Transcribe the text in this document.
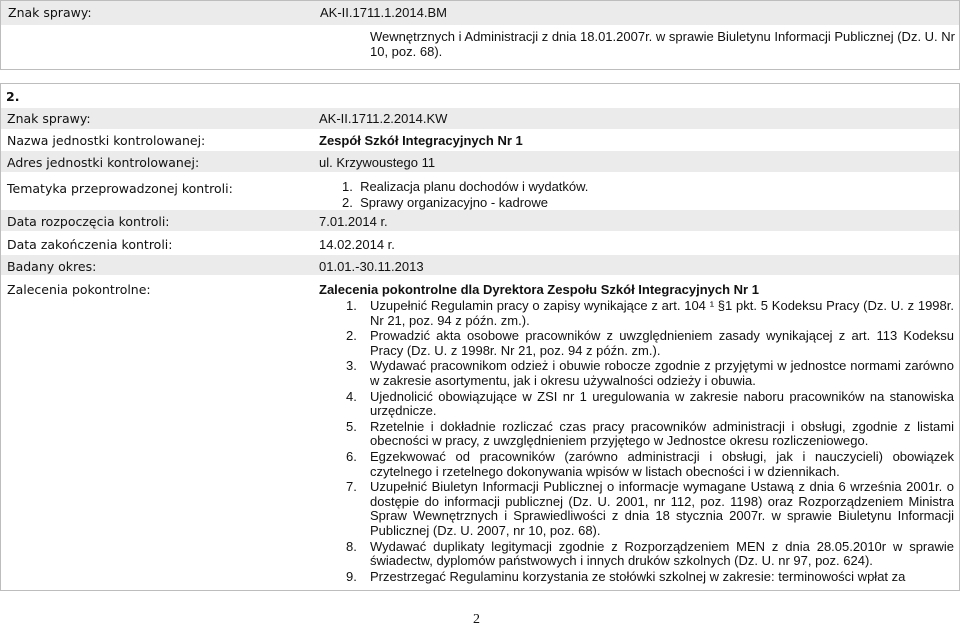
Znak sprawy:	AK-II.1711.1.2014.BM
Wewnętrznych i Administracji z dnia 18.01.2007r. w sprawie Biuletynu Informacji Publicznej (Dz. U. Nr 10, poz. 68).
2.
Znak sprawy:	AK-II.1711.2.2014.KW
Nazwa jednostki kontrolowanej:	Zespół Szkół Integracyjnych Nr 1
Adres jednostki kontrolowanej:	ul. Krzywoustego 11
Tematyka przeprowadzonej kontroli:	1.  Realizacja planu dochodów i wydatków.
2.  Sprawy organizacyjno - kadrowe
Data rozpoczęcia kontroli:	7.01.2014 r.
Data zakończenia kontroli:	14.02.2014 r.
Badany okres:	01.01.-30.11.2013
Zalecenia pokontrolne:	Zalecenia pokontrolne dla Dyrektora Zespołu Szkół Integracyjnych Nr 1
1. Uzupełnić Regulamin pracy o zapisy wynikające z art. 104 ¹ §1 pkt. 5 Kodeksu Pracy (Dz. U. z 1998r. Nr 21, poz. 94 z późn. zm.).
2. Prowadzić akta osobowe pracowników z uwzględnieniem zasady wynikającej z art. 113 Kodeksu Pracy (Dz. U. z 1998r. Nr 21, poz. 94 z późn. zm.).
3. Wydawać pracownikom odzież i obuwie robocze zgodnie z przyjętymi w jednostce normami zarówno w zakresie asortymentu, jak i okresu używalności odzieży i obuwia.
4. Ujednolicić obowiązujące w ZSI nr 1 uregulowania w zakresie naboru pracowników na stanowiska urzędnicze.
5. Rzetelnie i dokładnie rozliczać czas pracy pracowników administracji i obsługi, zgodnie z listami obecności w pracy, z uwzględnieniem przyjętego w Jednostce okresu rozliczeniowego.
6. Egzekwować od pracowników (zarówno administracji i obsługi, jak i nauczycieli) obowiązek czytelnego i rzetelnego dokonywania wpisów w listach obecności i w dziennikach.
7. Uzupełnić Biuletyn Informacji Publicznej o informacje wymagane Ustawą z dnia 6 września 2001r. o dostępie do informacji publicznej (Dz. U. 2001, nr 112, poz. 1198) oraz Rozporządzeniem Ministra Spraw Wewnętrznych i Sprawiedliwości z dnia 18 stycznia 2007r. w sprawie Biuletynu Informacji Publicznej (Dz. U. 2007, nr 10, poz. 68).
8. Wydawać duplikaty legitymacji zgodnie z Rozporządzeniem MEN z dnia 28.05.2010r w sprawie świadectw, dyplomów państwowych i innych druków szkolnych (Dz. U. nr 97, poz. 624).
9. Przestrzegać Regulaminu korzystania ze stołówki szkolnej w zakresie: terminowości wpłat za
2
